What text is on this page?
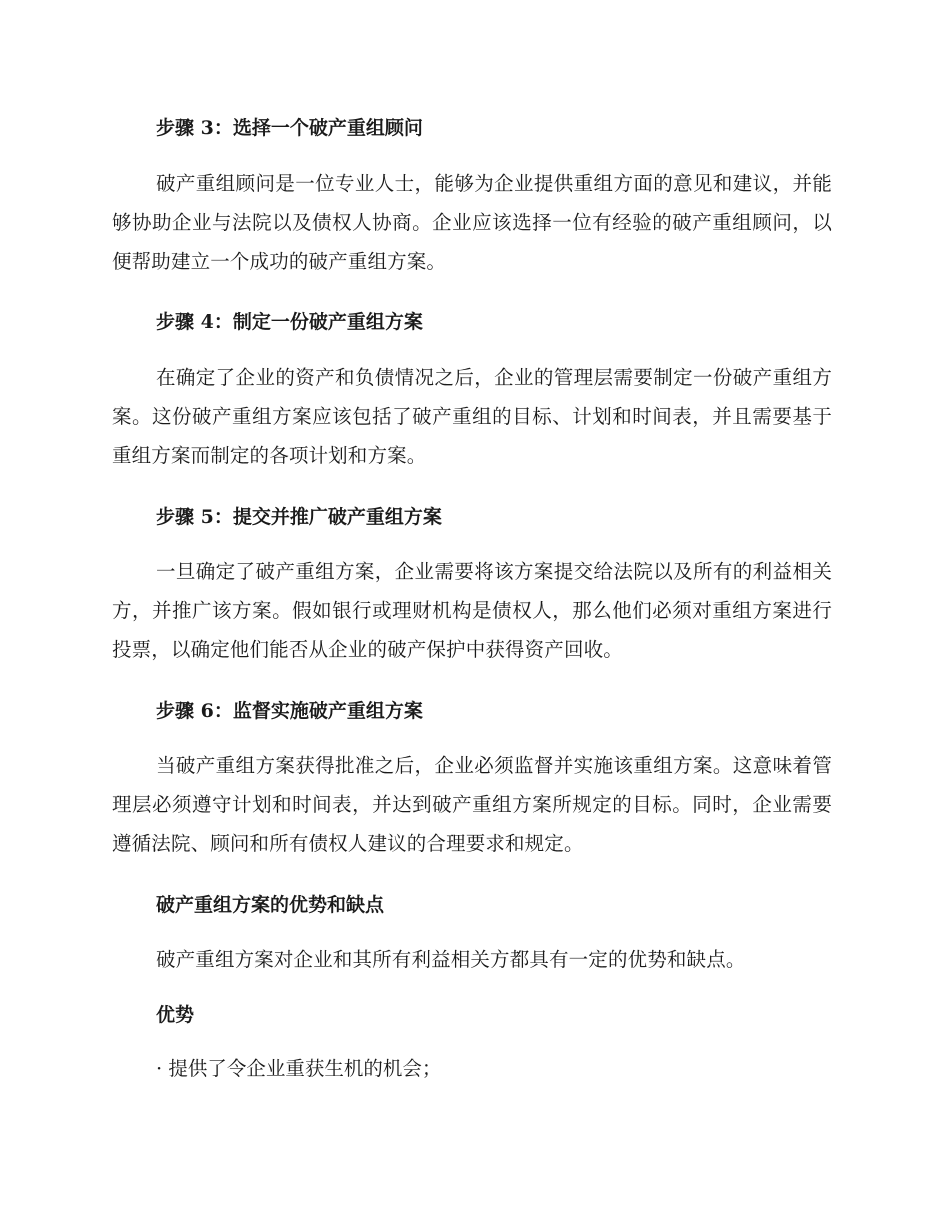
步骤 3：选择一个破产重组顾问
破产重组顾问是一位专业人士，能够为企业提供重组方面的意见和建议，并能够协助企业与法院以及债权人协商。企业应该选择一位有经验的破产重组顾问，以便帮助建立一个成功的破产重组方案。
步骤 4：制定一份破产重组方案
在确定了企业的资产和负债情况之后，企业的管理层需要制定一份破产重组方案。这份破产重组方案应该包括了破产重组的目标、计划和时间表，并且需要基于重组方案而制定的各项计划和方案。
步骤 5：提交并推广破产重组方案
一旦确定了破产重组方案，企业需要将该方案提交给法院以及所有的利益相关方，并推广该方案。假如银行或理财机构是债权人，那么他们必须对重组方案进行投票，以确定他们能否从企业的破产保护中获得资产回收。
步骤 6：监督实施破产重组方案
当破产重组方案获得批准之后，企业必须监督并实施该重组方案。这意味着管理层必须遵守计划和时间表，并达到破产重组方案所规定的目标。同时，企业需要遵循法院、顾问和所有债权人建议的合理要求和规定。
破产重组方案的优势和缺点
破产重组方案对企业和其所有利益相关方都具有一定的优势和缺点。
优势
· 提供了令企业重获生机的机会；
